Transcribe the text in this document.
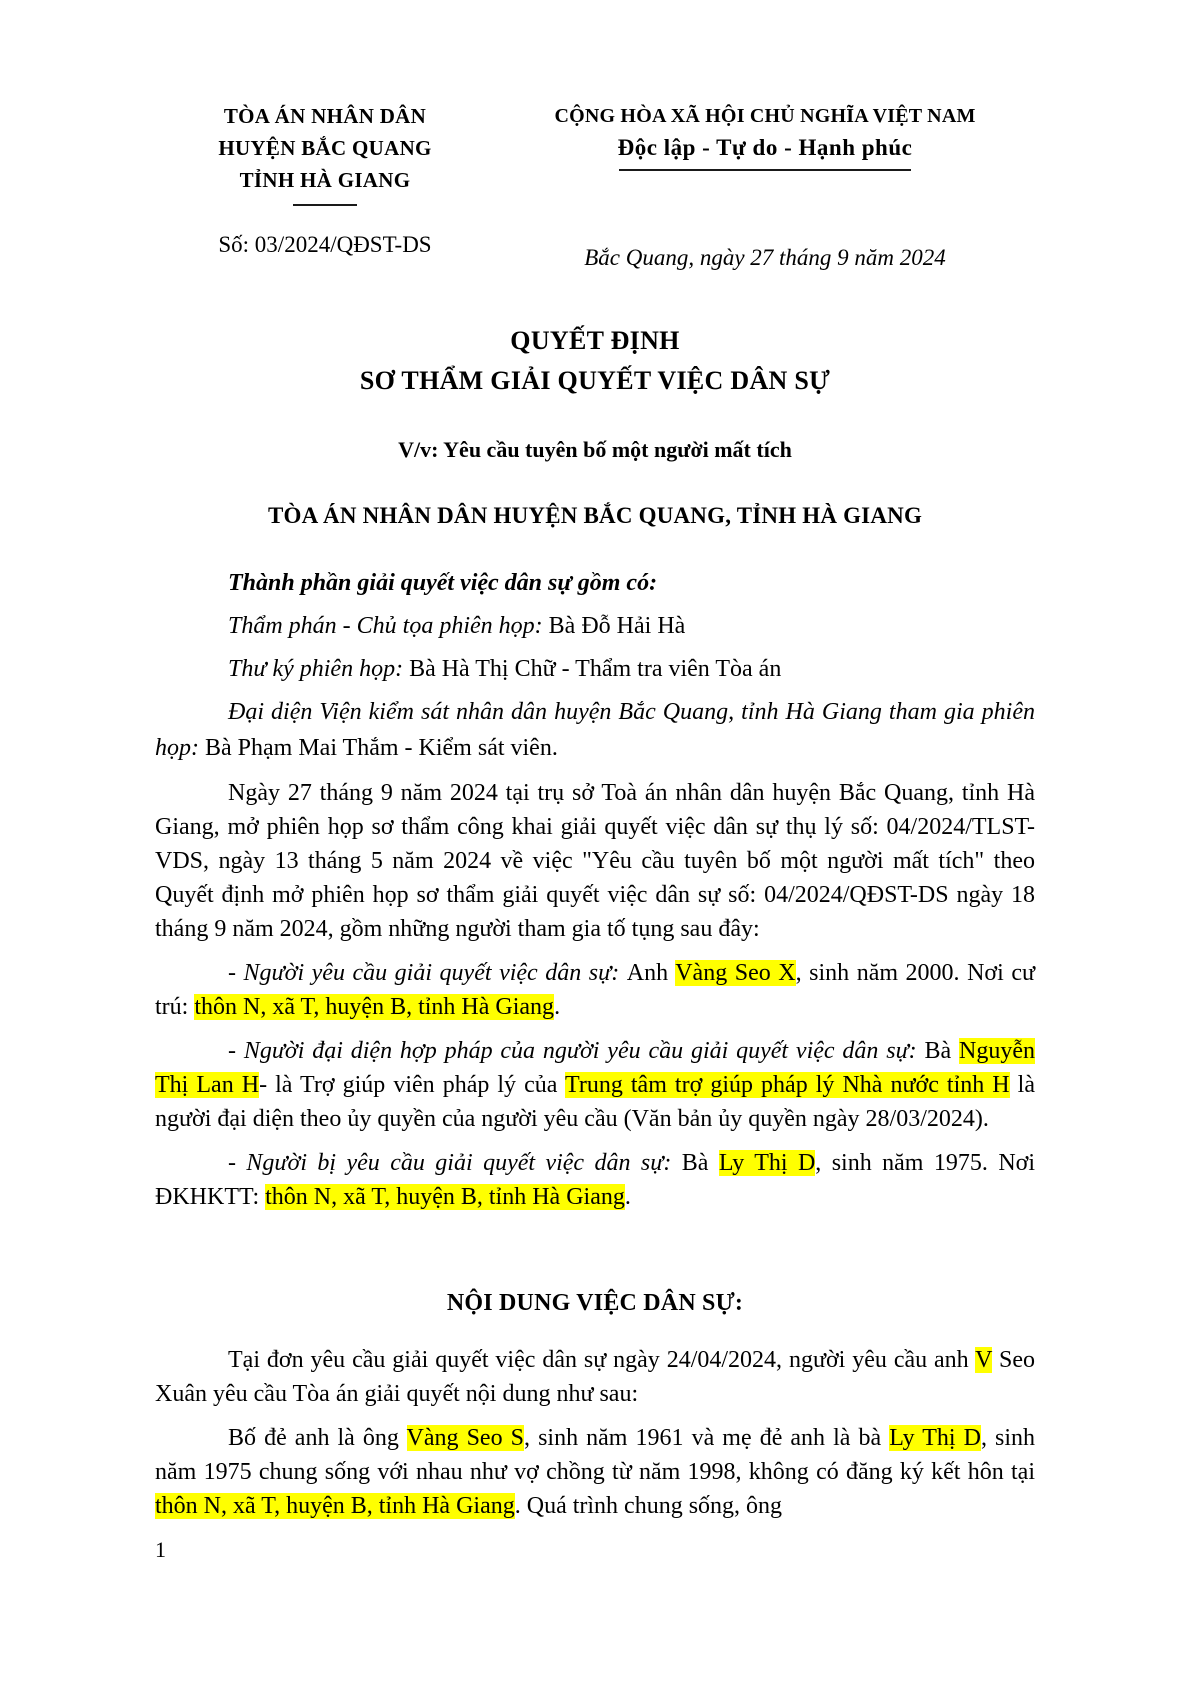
TÒA ÁN NHÂN DÂN
HUYỆN BẮC QUANG
TỈNH HÀ GIANG
Số: 03/2024/QĐST-DS
CỘNG HÒA XÃ HỘI CHỦ NGHĨA VIỆT NAM
Độc lập - Tự do - Hạnh phúc
Bắc Quang, ngày 27 tháng 9 năm 2024
QUYẾT ĐỊNH
SƠ THẨM GIẢI QUYẾT VIỆC DÂN SỰ
V/v: Yêu cầu tuyên bố một người mất tích
TÒA ÁN NHÂN DÂN HUYỆN BẮC QUANG, TỈNH HÀ GIANG

Thành phần giải quyết việc dân sự gồm có:

Thẩm phán - Chủ tọa phiên họp: Bà Đỗ Hải Hà

Thư ký phiên họp: Bà Hà Thị Chữ - Thẩm tra viên Tòa án

Đại diện Viện kiểm sát nhân dân huyện Bắc Quang, tỉnh Hà Giang tham gia phiên họp: Bà Phạm Mai Thắm - Kiểm sát viên.

Ngày 27 tháng 9 năm 2024 tại trụ sở Toà án nhân dân huyện Bắc Quang, tỉnh Hà Giang, mở phiên họp sơ thẩm công khai giải quyết việc dân sự thụ lý số: 04/2024/TLST-VDS, ngày 13 tháng 5 năm 2024 về việc "Yêu cầu tuyên bố một người mất tích" theo Quyết định mở phiên họp sơ thẩm giải quyết việc dân sự số: 04/2024/QĐST-DS ngày 18 tháng 9 năm 2024, gồm những người tham gia tố tụng sau đây:

- Người yêu cầu giải quyết việc dân sự: Anh Vàng Seo X, sinh năm 2000. Nơi cư trú: thôn N, xã T, huyện B, tỉnh Hà Giang.

- Người đại diện hợp pháp của người yêu cầu giải quyết việc dân sự: Bà Nguyễn Thị Lan H- là Trợ giúp viên pháp lý của Trung tâm trợ giúp pháp lý Nhà nước tỉnh H là người đại diện theo ủy quyền của người yêu cầu (Văn bản ủy quyền ngày 28/03/2024).

- Người bị yêu cầu giải quyết việc dân sự: Bà Ly Thị D, sinh năm 1975. Nơi ĐKHKTT: thôn N, xã T, huyện B, tỉnh Hà Giang.

NỘI DUNG VIỆC DÂN SỰ:

Tại đơn yêu cầu giải quyết việc dân sự ngày 24/04/2024, người yêu cầu anh V Seo Xuân yêu cầu Tòa án giải quyết nội dung như sau:

Bố đẻ anh là ông Vàng Seo S, sinh năm 1961 và mẹ đẻ anh là bà Ly Thị D, sinh năm 1975 chung sống với nhau như vợ chồng từ năm 1998, không có đăng ký kết hôn tại thôn N, xã T, huyện B, tỉnh Hà Giang. Quá trình chung sống, ông

1
